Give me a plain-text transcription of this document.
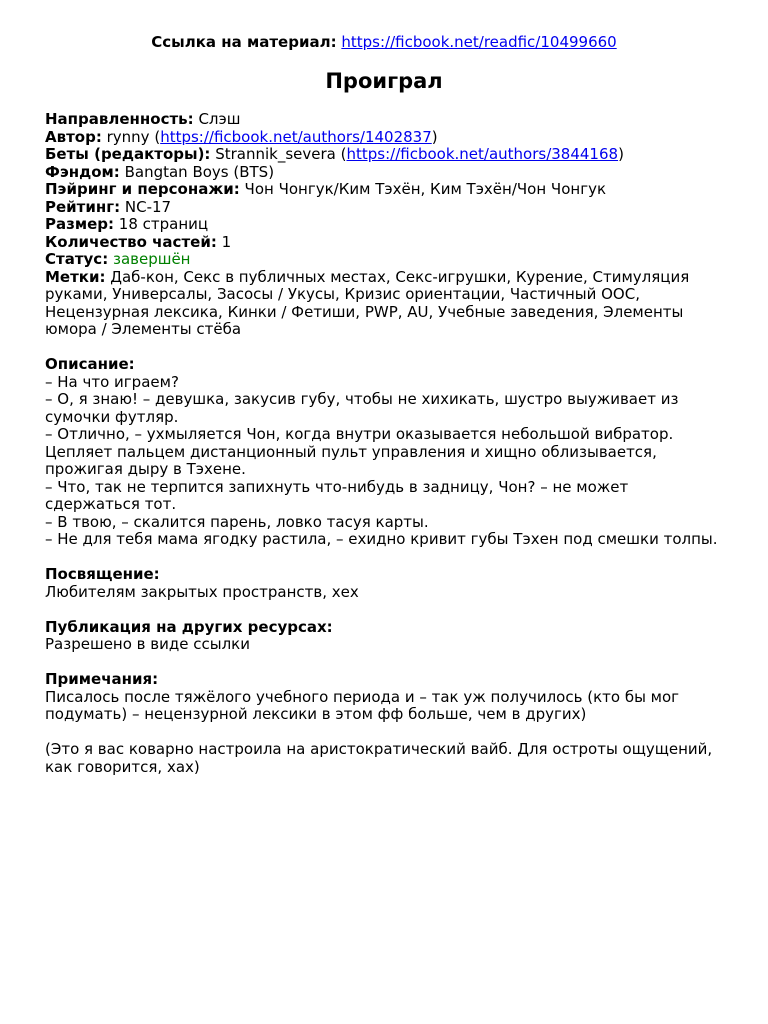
Ссылка на материал: https://ficbook.net/readfic/10499660
Проиграл
Направленность: Слэш
Автор: rynny (https://ficbook.net/authors/1402837)
Беты (редакторы): Strannik_severa (https://ficbook.net/authors/3844168)
Фэндом: Bangtan Boys (BTS)
Пэйринг и персонажи: Чон Чонгук/Ким Тэхён, Ким Тэхён/Чон Чонгук
Рейтинг: NC-17
Размер: 18 страниц
Количество частей: 1
Статус: завершён
Метки: Даб-кон, Секс в публичных местах, Секс-игрушки, Курение, Стимуляция руками, Универсалы, Засосы / Укусы, Кризис ориентации, Частичный ООС, Нецензурная лексика, Кинки / Фетиши, PWP, AU, Учебные заведения, Элементы юмора / Элементы стёба
Описание:
– На что играем?
– О, я знаю! – девушка, закусив губу, чтобы не хихикать, шустро выуживает из сумочки футляр.
– Отлично, – ухмыляется Чон, когда внутри оказывается небольшой вибратор. Цепляет пальцем дистанционный пульт управления и хищно облизывается, прожигая дыру в Тэхене.
– Что, так не терпится запихнуть что-нибудь в задницу, Чон? – не может сдержаться тот.
– В твою, – скалится парень, ловко тасуя карты.
– Не для тебя мама ягодку растила, – ехидно кривит губы Тэхен под смешки толпы.
Посвящение:
Любителям закрытых пространств, хех
Публикация на других ресурсах:
Разрешено в виде ссылки
Примечания:
Писалось после тяжёлого учебного периода и – так уж получилось (кто бы мог подумать) – нецензурной лексики в этом фф больше, чем в других)
(Это я вас коварно настроила на аристократический вайб. Для остроты ощущений, как говорится, хах)
